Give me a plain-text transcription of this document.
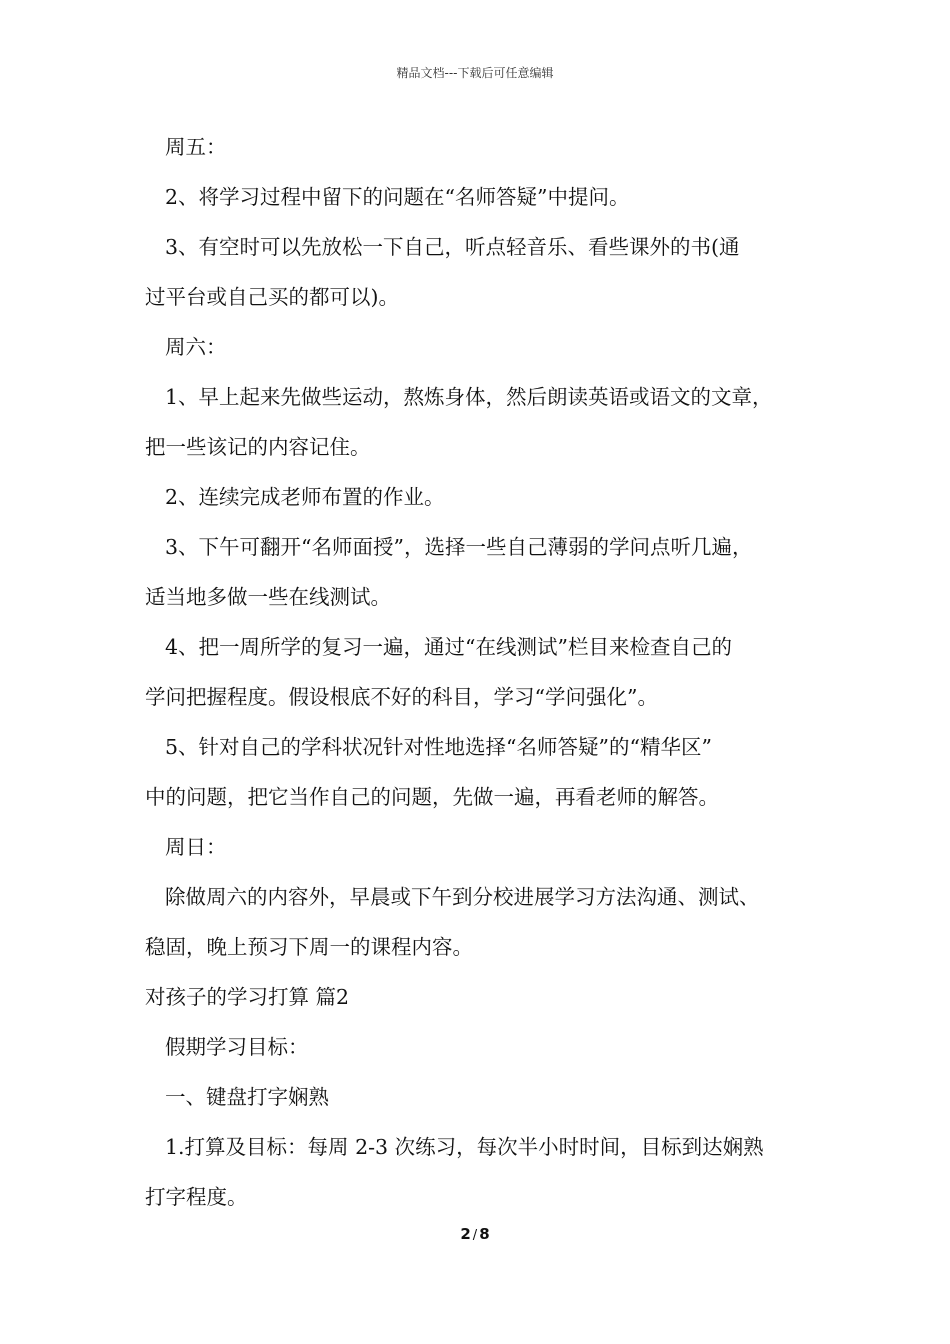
精品文档---下载后可任意编辑
周五：
2、将学习过程中留下的问题在“名师答疑”中提问。
3、有空时可以先放松一下自己，听点轻音乐、看些课外的书(通
过平台或自己买的都可以)。
周六：
1、早上起来先做些运动，熬炼身体，然后朗读英语或语文的文章，
把一些该记的内容记住。
2、连续完成老师布置的作业。
3、下午可翻开“名师面授”，选择一些自己薄弱的学问点听几遍，
适当地多做一些在线测试。
4、把一周所学的复习一遍，通过“在线测试”栏目来检查自己的
学问把握程度。假设根底不好的科目，学习“学问强化”。
5、针对自己的学科状况针对性地选择“名师答疑”的“精华区”
中的问题，把它当作自己的问题，先做一遍，再看老师的解答。
周日：
除做周六的内容外，早晨或下午到分校进展学习方法沟通、测试、
稳固，晚上预习下周一的课程内容。
对孩子的学习打算 篇2
假期学习目标：
一、键盘打字娴熟
1.打算及目标：每周 2-3 次练习，每次半小时时间，目标到达娴熟
打字程度。
2 / 8
